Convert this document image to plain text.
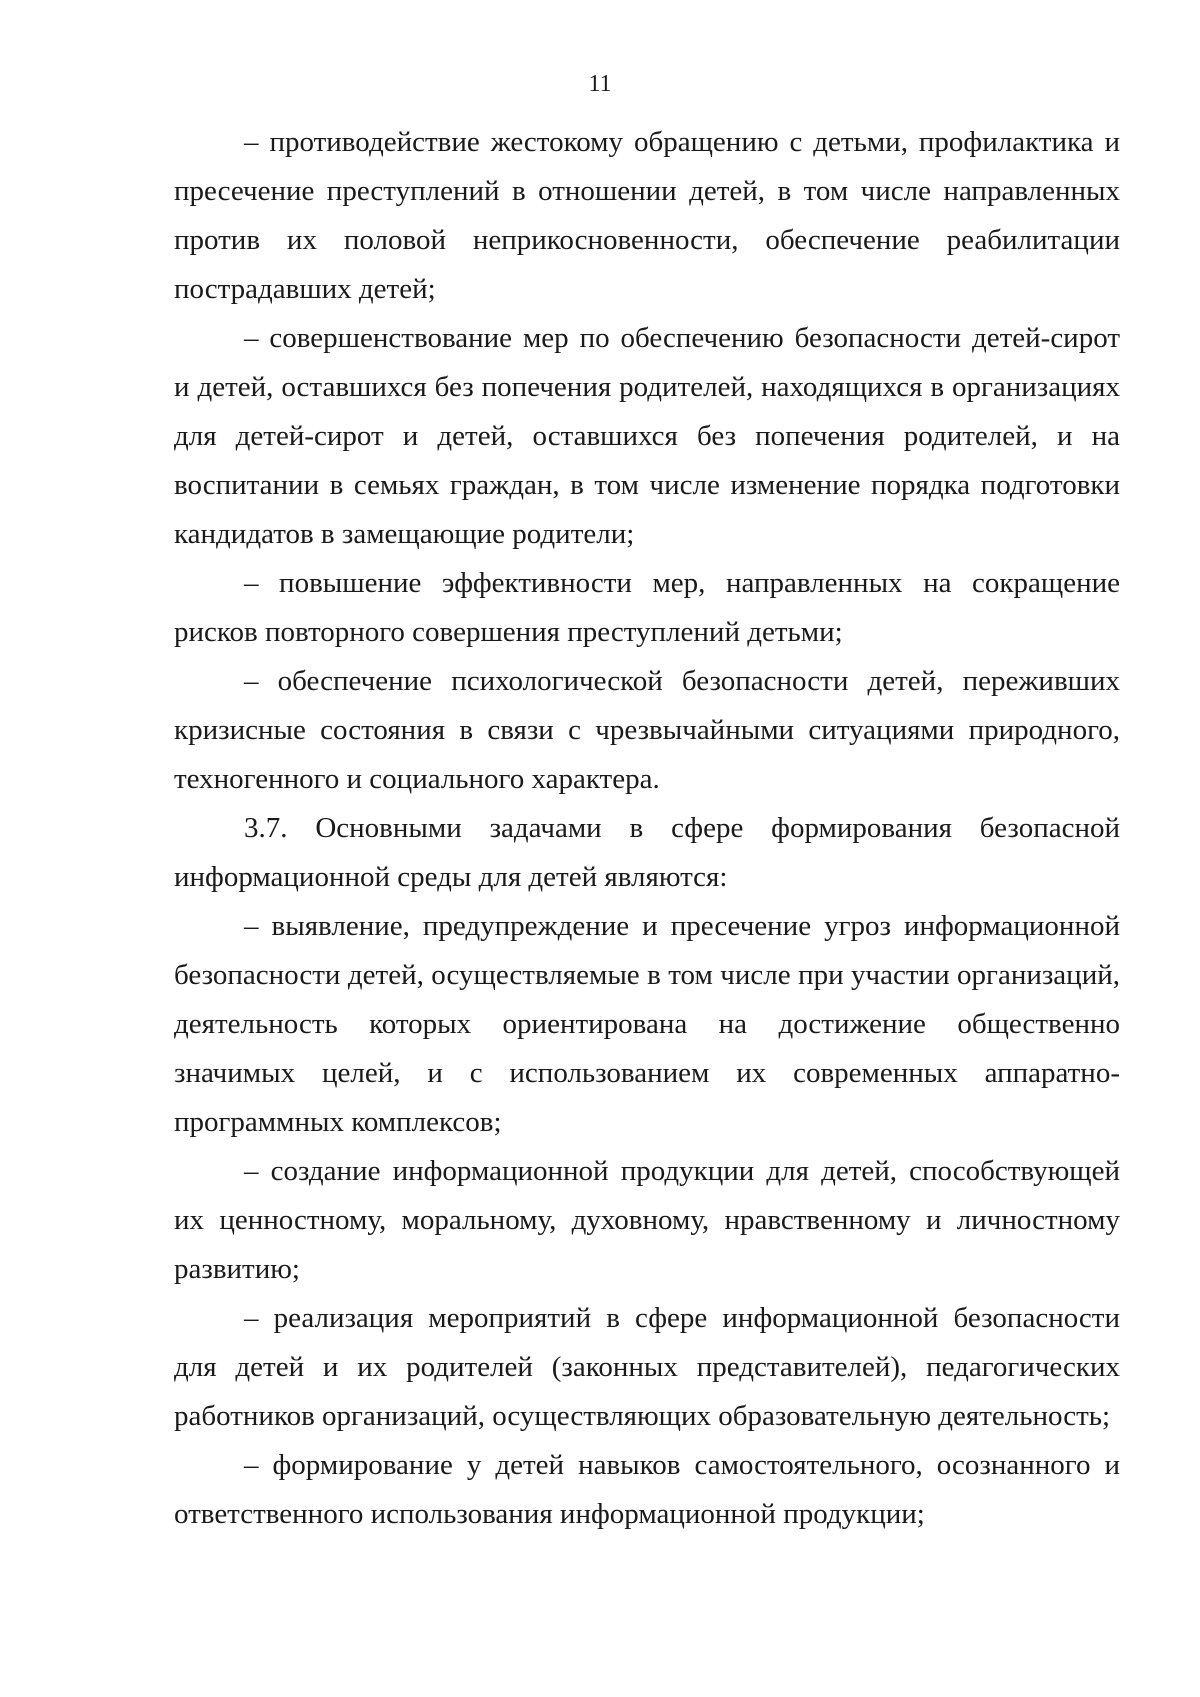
11

– противодействие жестокому обращению с детьми, профилактика и пресечение преступлений в отношении детей, в том числе направленных против их половой неприкосновенности, обеспечение реабилитации пострадавших детей;

– совершенствование мер по обеспечению безопасности детей-сирот и детей, оставшихся без попечения родителей, находящихся в организациях для детей-сирот и детей, оставшихся без попечения родителей, и на воспитании в семьях граждан, в том числе изменение порядка подготовки кандидатов в замещающие родители;

– повышение эффективности мер, направленных на сокращение рисков повторного совершения преступлений детьми;

– обеспечение психологической безопасности детей, переживших кризисные состояния в связи с чрезвычайными ситуациями природного, техногенного и социального характера.

3.7. Основными задачами в сфере формирования безопасной информационной среды для детей являются:

– выявление, предупреждение и пресечение угроз информационной безопасности детей, осуществляемые в том числе при участии организаций, деятельность которых ориентирована на достижение общественно значимых целей, и с использованием их современных аппаратно-программных комплексов;

– создание информационной продукции для детей, способствующей их ценностному, моральному, духовному, нравственному и личностному развитию;

– реализация мероприятий в сфере информационной безопасности для детей и их родителей (законных представителей), педагогических работников организаций, осуществляющих образовательную деятельность;

– формирование у детей навыков самостоятельного, осознанного и ответственного использования информационной продукции;
